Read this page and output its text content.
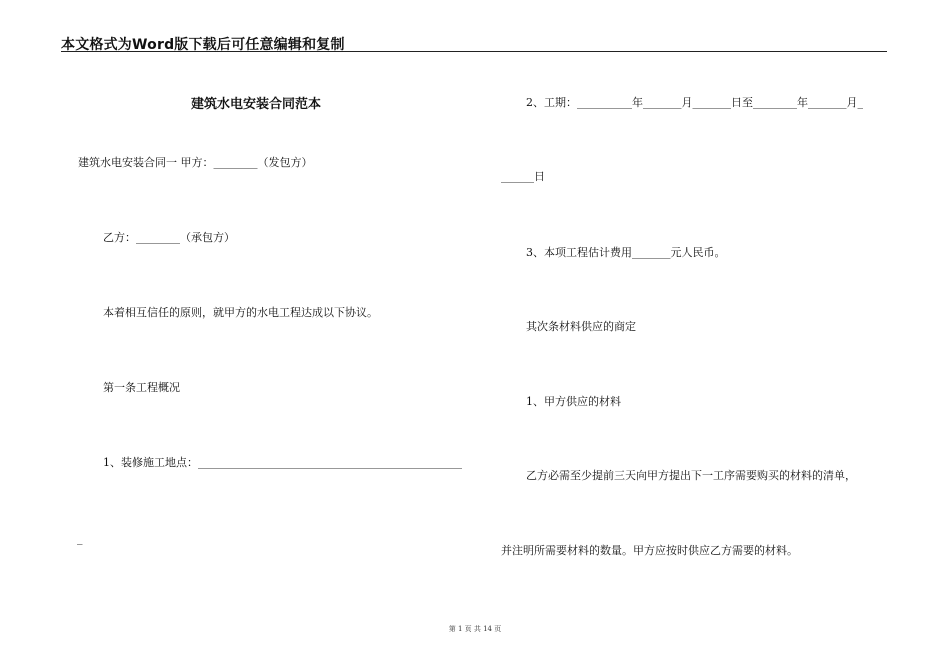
本文格式为Word版下载后可任意编辑和复制
建筑水电安装合同范本
建筑水电安装合同一 甲方：________（发包方）
乙方：________（承包方）
本着相互信任的原则，就甲方的水电工程达成以下协议。
第一条工程概况
1、装修施工地点：________________________________________________
_
2、工期：__________年_______月_______日至________年_______月_
______日
3、本项工程估计费用_______元人民币。
其次条材料供应的商定
1、甲方供应的材料
乙方必需至少提前三天向甲方提出下一工序需要购买的材料的清单，
并注明所需要材料的数量。甲方应按时供应乙方需要的材料。
第 1 页 共 14 页
